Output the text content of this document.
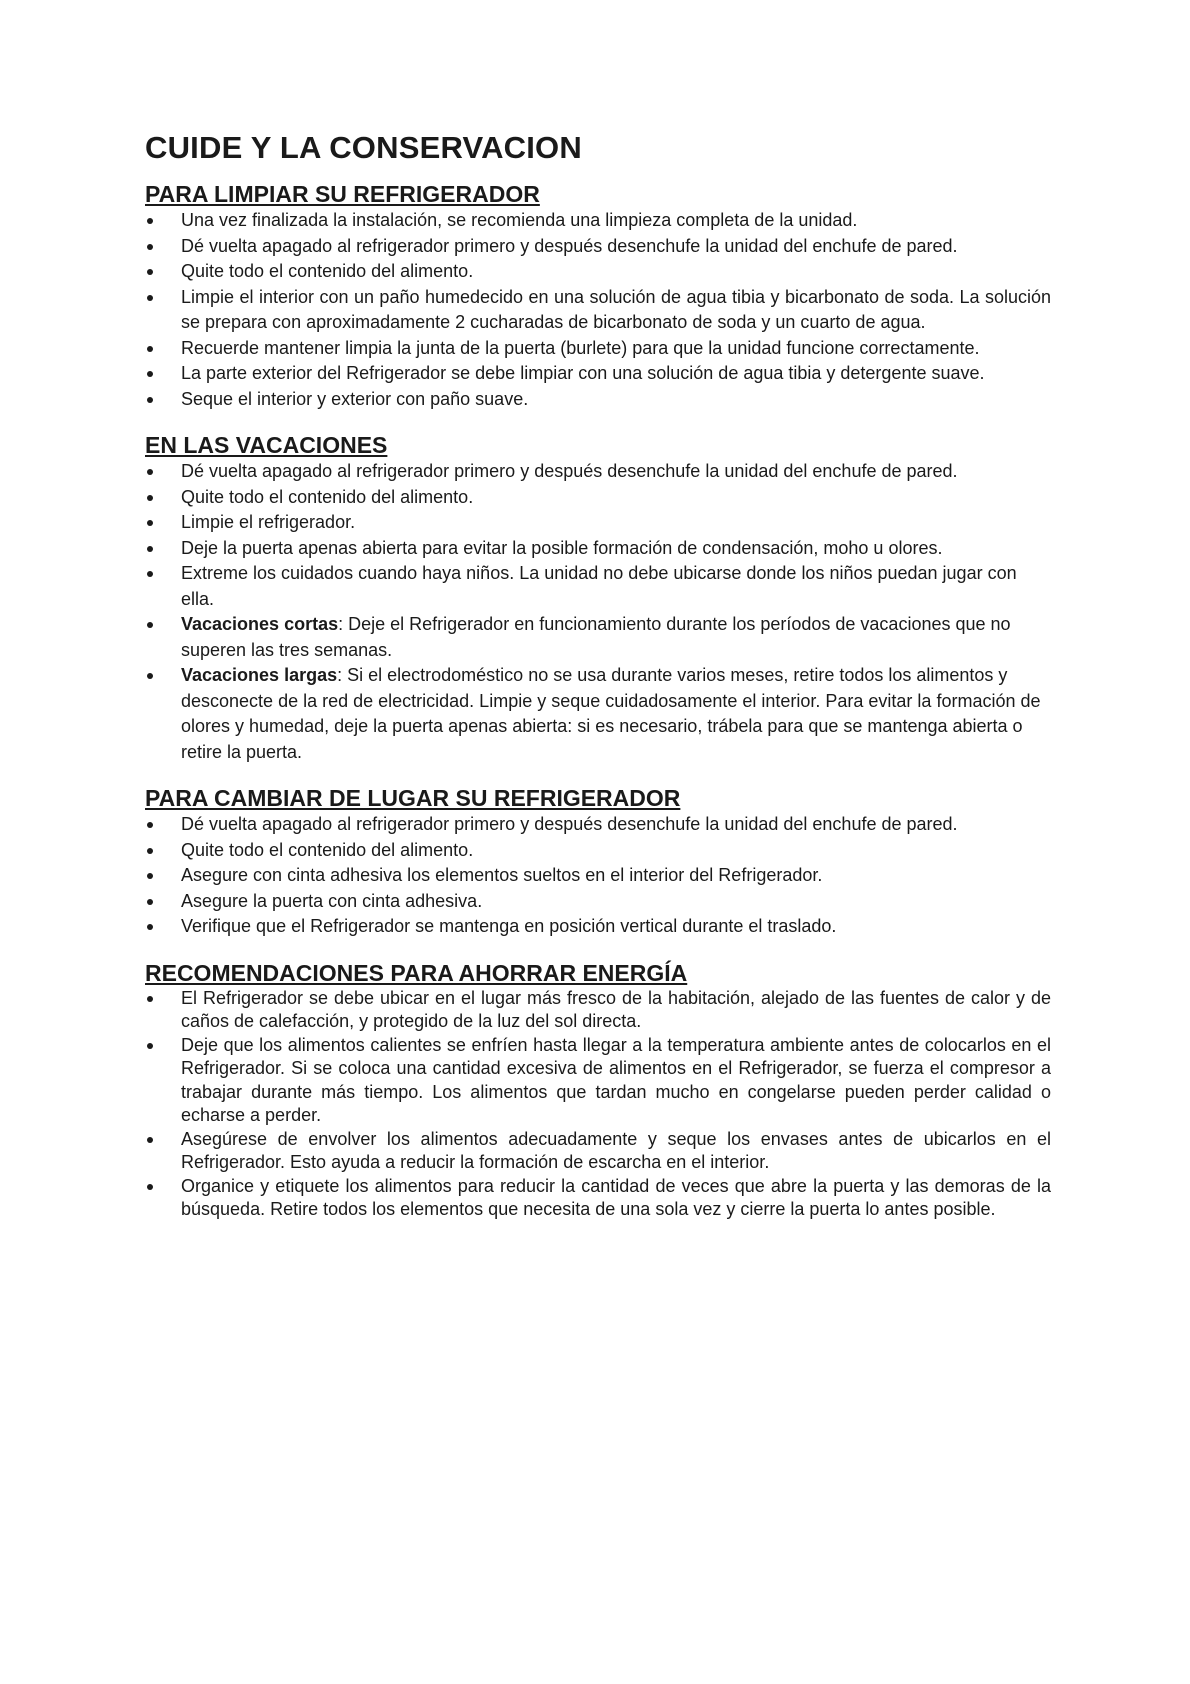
CUIDE Y LA CONSERVACION
PARA LIMPIAR SU REFRIGERADOR
Una vez finalizada la instalación, se recomienda una limpieza completa de la unidad.
Dé vuelta apagado al refrigerador primero y después desenchufe la unidad del enchufe de pared.
Quite todo el contenido del alimento.
Limpie el interior con un paño humedecido en una solución de agua tibia y bicarbonato de soda. La solución se prepara con aproximadamente 2 cucharadas de bicarbonato de soda y un cuarto de agua.
Recuerde mantener limpia la junta de la puerta (burlete) para que la unidad funcione correctamente.
La parte exterior del Refrigerador se debe limpiar con una solución de agua tibia y detergente suave.
Seque el interior y exterior con paño suave.
EN LAS VACACIONES
Dé vuelta apagado al refrigerador primero y después desenchufe la unidad del enchufe de pared.
Quite todo el contenido del alimento.
Limpie el refrigerador.
Deje la puerta apenas abierta para evitar la posible formación de condensación, moho u olores.
Extreme los cuidados cuando haya niños. La unidad no debe ubicarse donde los niños puedan jugar con ella.
Vacaciones cortas: Deje el Refrigerador en funcionamiento durante los períodos de vacaciones que no superen las tres semanas.
Vacaciones largas: Si el electrodoméstico no se usa durante varios meses, retire todos los alimentos y desconecte de la red de electricidad. Limpie y seque cuidadosamente el interior. Para evitar la formación de olores y humedad, deje la puerta apenas abierta: si es necesario, trábela para que se mantenga abierta o retire la puerta.
PARA CAMBIAR DE LUGAR SU REFRIGERADOR
Dé vuelta apagado al refrigerador primero y después desenchufe la unidad del enchufe de pared.
Quite todo el contenido del alimento.
Asegure con cinta adhesiva los elementos sueltos en el interior del Refrigerador.
Asegure la puerta con cinta adhesiva.
Verifique que el Refrigerador se mantenga en posición vertical durante el traslado.
RECOMENDACIONES PARA AHORRAR ENERGÍA
El Refrigerador se debe ubicar en el lugar más fresco de la habitación, alejado de las fuentes de calor y de caños de calefacción, y protegido de la luz del sol directa.
Deje que los alimentos calientes se enfríen hasta llegar a la temperatura ambiente antes de colocarlos en el Refrigerador. Si se coloca una cantidad excesiva de alimentos en el Refrigerador, se fuerza el compresor a trabajar durante más tiempo. Los alimentos que tardan mucho en congelarse pueden perder calidad o echarse a perder.
Asegúrese de envolver los alimentos adecuadamente y seque los envases antes de ubicarlos en el Refrigerador. Esto ayuda a reducir la formación de escarcha en el interior.
Organice y etiquete los alimentos para reducir la cantidad de veces que abre la puerta y las demoras de la búsqueda. Retire todos los elementos que necesita de una sola vez y cierre la puerta lo antes posible.
